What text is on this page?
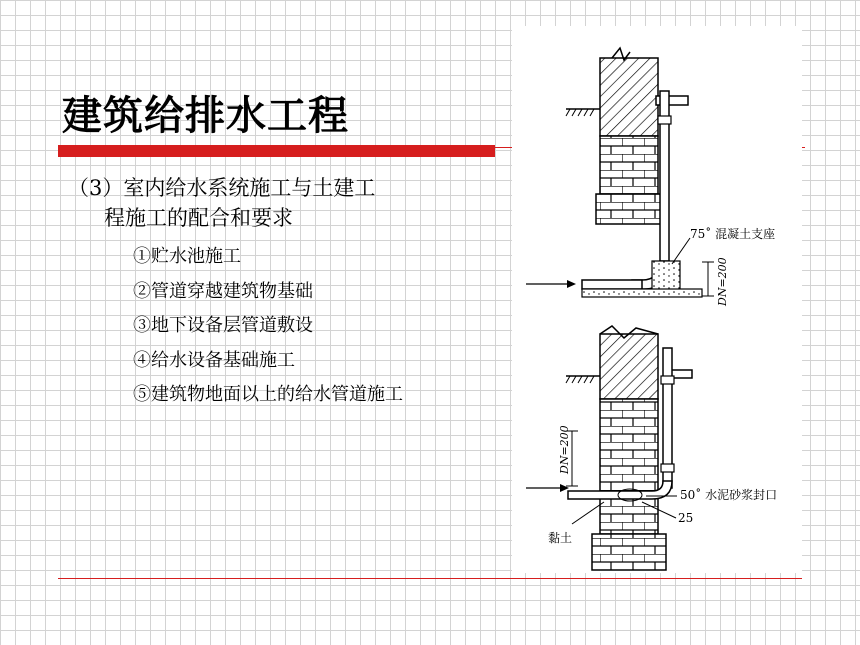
建筑给排水工程
（3）室内给水系统施工与土建工
程施工的配合和要求
①贮水池施工
②管道穿越建筑物基础
③地下设备层管道敷设
④给水设备基础施工
⑤建筑物地面以上的给水管道施工
75˚ 混凝土支座
DN=200
DN=200
50˚ 水泥砂浆封口
25
黏土
